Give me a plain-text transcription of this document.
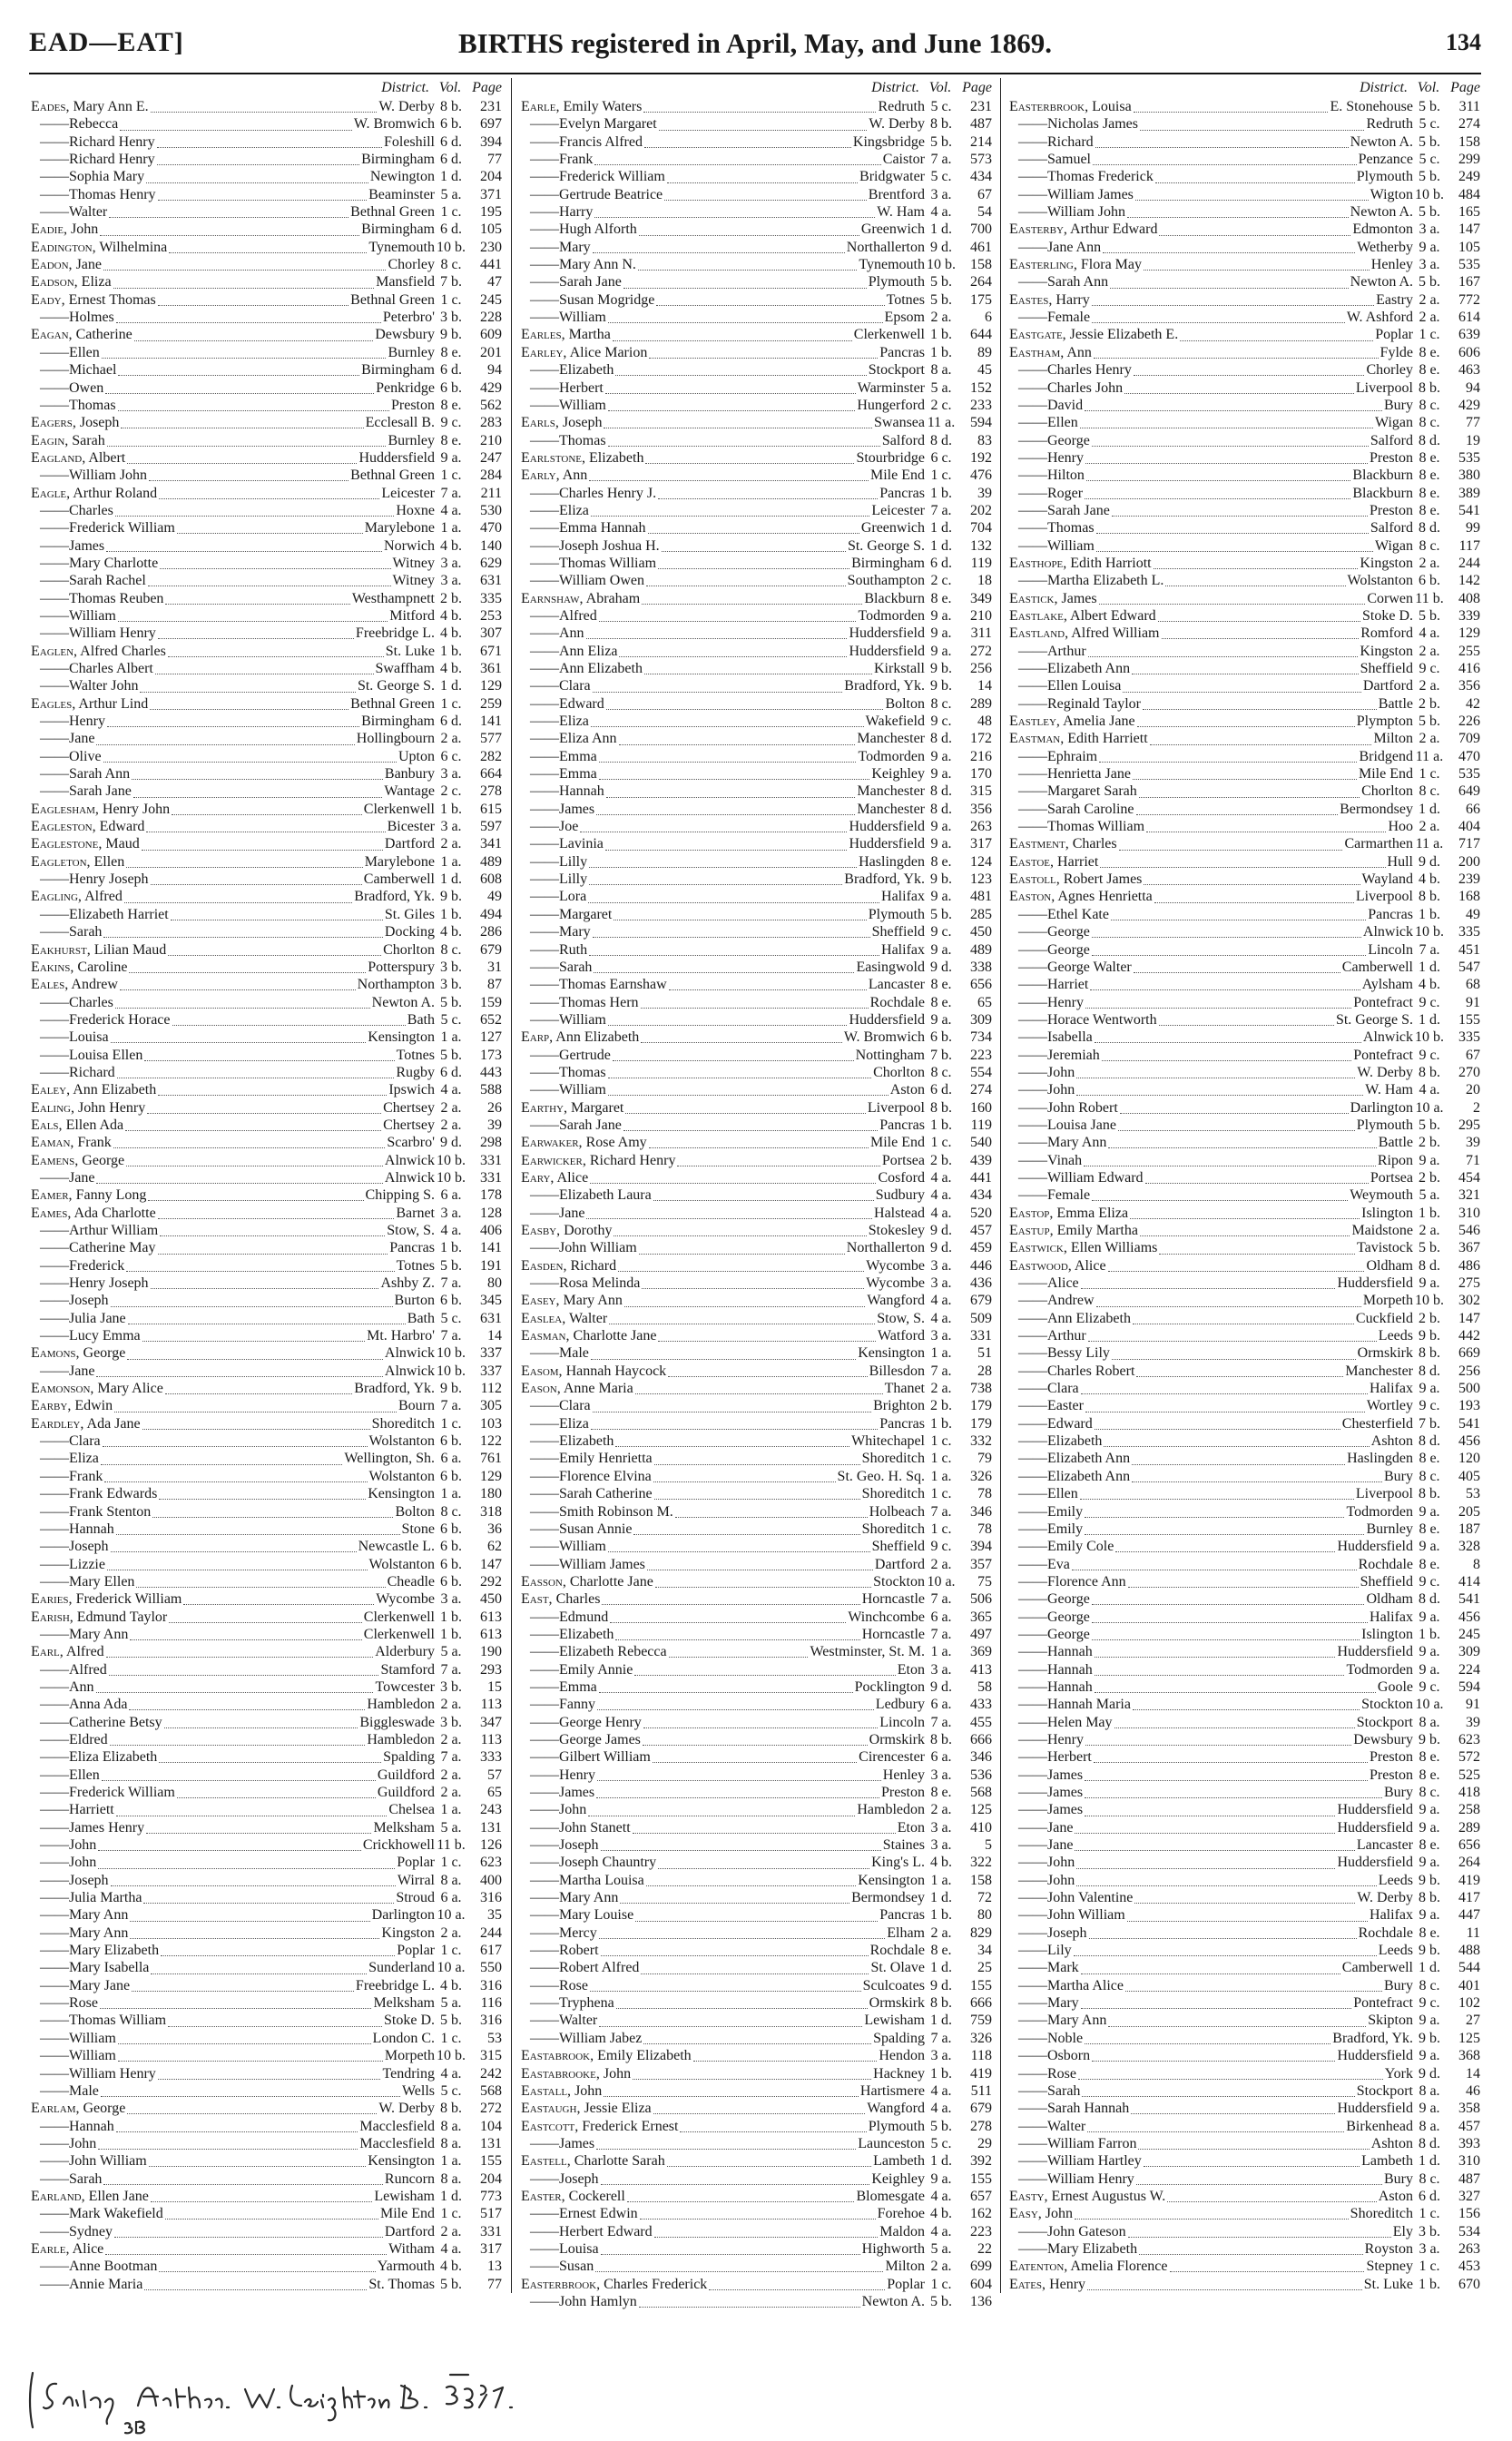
EAD—EAT]	BIRTHS registered in April, May, and June 1869.	134
District. Vol. Page
Eades, Mary Ann E.	W. Derby 8 b.	231
—— Rebecca	W. Bromwich 6 b.	697
—— Richard Henry	Foleshill 6 d.	394
—— Richard Henry	Birmingham 6 d.	77
—— Sophia Mary	Newington 1 d.	204
—— Thomas Henry	Beaminster 5 a.	371
—— Walter	Bethnal Green 1 c.	195
Eadie, John	Birmingham 6 d.	105
Eadington, Wilhelmina	Tynemouth 10 b.	230
Eadon, Jane	Chorley 8 c.	441
Eadson, Eliza	Mansfield 7 b.	47
Eady, Ernest Thomas	Bethnal Green 1 c.	245
—— Holmes	Peterbro' 3 b.	228
Eagan, Catherine	Dewsbury 9 b.	609
—— Ellen	Burnley 8 e.	201
—— Michael	Birmingham 6 d.	94
—— Owen	Penkridge 6 b.	429
—— Thomas	Preston 8 e.	562
Eagers, Joseph	Ecclesall B. 9 c.	283
Eagin, Sarah	Burnley 8 e.	210
Eagland, Albert	Huddersfield 9 a.	247
—— William John	Bethnal Green 1 c.	284
Eagle, Arthur Roland	Leicester 7 a.	211
—— Charles	Hoxne 4 a.	530
—— Frederick William	Marylebone 1 a.	470
—— James	Norwich 4 b.	140
—— Mary Charlotte	Witney 3 a.	629
—— Sarah Rachel	Witney 3 a.	631
—— Thomas Reuben	Westhampnett 2 b.	335
—— William	Mitford 4 b.	253
—— William Henry	Freebridge L. 4 b.	307
Eaglen, Alfred Charles	St. Luke 1 b.	671
—— Charles Albert	Swaffham 4 b.	361
—— Walter John	St. George S. 1 d.	129
Eagles, Arthur Lind	Bethnal Green 1 c.	259
—— Henry	Birmingham 6 d.	141
—— Jane	Hollingbourn 2 a.	577
—— Olive	Upton 6 c.	282
—— Sarah Ann	Banbury 3 a.	664
—— Sarah Jane	Wantage 2 c.	278
Eaglesham, Henry John	Clerkenwell 1 b.	615
Eagleston, Edward	Bicester 3 a.	597
Eaglestone, Maud	Dartford 2 a.	341
Eagleton, Ellen	Marylebone 1 a.	489
—— Henry Joseph	Camberwell 1 d.	608
Eagling, Alfred	Bradford, Yk. 9 b.	49
—— Elizabeth Harriet	St. Giles 1 b.	494
—— Sarah	Docking 4 b.	286
Eakhurst, Lilian Maud	Chorlton 8 c.	679
Eakins, Caroline	Potterspury 3 b.	31
Eales, Andrew	Northampton 3 b.	87
—— Charles	Newton A. 5 b.	159
—— Frederick Horace	Bath 5 c.	652
—— Louisa	Kensington 1 a.	127
—— Louisa Ellen	Totnes 5 b.	173
—— Richard	Rugby 6 d.	443
Ealey, Ann Elizabeth	Ipswich 4 a.	588
Ealing, John Henry	Chertsey 2 a.	26
Eals, Ellen Ada	Chertsey 2 a.	39
Eaman, Frank	Scarbro' 9 d.	298
Eamens, George	Alnwick 10 b.	331
—— Jane	Alnwick 10 b.	331
Eamer, Fanny Long	Chipping S. 6 a.	178
Eames, Ada Charlotte	Barnet 3 a.	128
—— Arthur William	Stow, S. 4 a.	406
—— Catherine May	Pancras 1 b.	141
—— Frederick	Totnes 5 b.	191
—— Henry Joseph	Ashby Z. 7 a.	80
—— Joseph	Burton 6 b.	345
—— Julia Jane	Bath 5 c.	631
—— Lucy Emma	Mt. Harbro' 7 a.	14
Eamons, George	Alnwick 10 b.	337
—— Jane	Alnwick 10 b.	337
Eamonson, Mary Alice	Bradford, Yk. 9 b.	112
Earby, Edwin	Bourn 7 a.	305
Eardley, Ada Jane	Shoreditch 1 c.	103
—— Clara	Wolstanton 6 b.	122
—— Eliza	Wellington, Sh. 6 a.	761
—— Frank	Wolstanton 6 b.	129
—— Frank Edwards	Kensington 1 a.	180
—— Frank Stenton	Bolton 8 c.	318
—— Hannah	Stone 6 b.	36
—— Joseph	Newcastle L. 6 b.	62
—— Lizzie	Wolstanton 6 b.	147
—— Mary Ellen	Cheadle 6 b.	292
Earies, Frederick William	Wycombe 3 a.	450
Earish, Edmund Taylor	Clerkenwell 1 b.	613
—— Mary Ann	Clerkenwell 1 b.	613
Earl, Alfred	Alderbury 5 a.	190
—— Alfred	Stamford 7 a.	293
—— Ann	Towcester 3 b.	15
—— Anna Ada	Hambledon 2 a.	113
—— Catherine Betsy	Biggleswade 3 b.	347
—— Eldred	Hambledon 2 a.	113
—— Eliza Elizabeth	Spalding 7 a.	333
—— Ellen	Guildford 2 a.	57
—— Frederick William	Guildford 2 a.	65
—— Harriett	Chelsea 1 a.	243
—— James Henry	Melksham 5 a.	131
—— John	Crickhowell 11 b.	126
—— John	Poplar 1 c.	623
—— Joseph	Wirral 8 a.	400
—— Julia Martha	Stroud 6 a.	316
—— Mary Ann	Darlington 10 a.	35
—— Mary Ann	Kingston 2 a.	244
—— Mary Elizabeth	Poplar 1 c.	617
—— Mary Isabella	Sunderland 10 a.	550
—— Mary Jane	Freebridge L. 4 b.	316
—— Rose	Melksham 5 a.	116
—— Thomas William	Stoke D. 5 b.	316
—— William	London C. 1 c.	53
—— William	Morpeth 10 b.	315
—— William Henry	Tendring 4 a.	242
—— Male	Wells 5 c.	568
Earlam, George	W. Derby 8 b.	272
—— Hannah	Macclesfield 8 a.	104
—— John	Macclesfield 8 a.	131
—— John William	Kensington 1 a.	155
—— Sarah	Runcorn 8 a.	204
Earland, Ellen Jane	Lewisham 1 d.	773
—— Mark Wakefield	Mile End 1 c.	517
—— Sydney	Dartford 2 a.	331
Earle, Alice	Witham 4 a.	317
—— Anne Bootman	Yarmouth 4 b.	13
—— Annie Maria	St. Thomas 5 b.	77
District. Vol. Page
Earle, Emily Waters	Redruth 5 c.	231
—— Evelyn Margaret	W. Derby 8 b.	487
—— Francis Alfred	Kingsbridge 5 b.	214
—— Frank	Caistor 7 a.	573
—— Frederick William	Bridgwater 5 c.	434
—— Gertrude Beatrice	Brentford 3 a.	67
—— Harry	W. Ham 4 a.	54
—— Hugh Alforth	Greenwich 1 d.	700
—— Mary	Northallerton 9 d.	461
—— Mary Ann N.	Tynemouth 10 b.	158
—— Sarah Jane	Plymouth 5 b.	264
—— Susan Mogridge	Totnes 5 b.	175
—— William	Epsom 2 a.	6
Earles, Martha	Clerkenwell 1 b.	644
Earley, Alice Marion	Pancras 1 b.	89
—— Elizabeth	Stockport 8 a.	45
—— Herbert	Warminster 5 a.	152
—— William	Hungerford 2 c.	233
Earls, Joseph	Swansea 11 a.	594
—— Thomas	Salford 8 d.	83
Earlstone, Elizabeth	Stourbridge 6 c.	192
Early, Ann	Mile End 1 c.	476
—— Charles Henry J.	Pancras 1 b.	39
—— Eliza	Leicester 7 a.	202
—— Emma Hannah	Greenwich 1 d.	704
—— Joseph Joshua H.	St. George S. 1 d.	132
—— Thomas William	Birmingham 6 d.	119
—— William Owen	Southampton 2 c.	18
Earnshaw, Abraham	Blackburn 8 e.	349
—— Alfred	Todmorden 9 a.	210
—— Ann	Huddersfield 9 a.	311
—— Ann Eliza	Huddersfield 9 a.	272
—— Ann Elizabeth	Kirkstall 9 b.	256
—— Clara	Bradford, Yk. 9 b.	14
—— Edward	Bolton 8 c.	289
—— Eliza	Wakefield 9 c.	48
—— Eliza Ann	Manchester 8 d.	172
—— Emma	Todmorden 9 a.	216
—— Emma	Keighley 9 a.	170
—— Hannah	Manchester 8 d.	315
—— James	Manchester 8 d.	356
—— Joe	Huddersfield 9 a.	263
—— Lavinia	Huddersfield 9 a.	317
—— Lilly	Haslingden 8 e.	124
—— Lilly	Bradford, Yk. 9 b.	123
—— Lora	Halifax 9 a.	481
—— Margaret	Plymouth 5 b.	285
—— Mary	Sheffield 9 c.	450
—— Ruth	Halifax 9 a.	489
—— Sarah	Easingwold 9 d.	338
—— Thomas Earnshaw	Lancaster 8 e.	656
—— Thomas Hern	Rochdale 8 e.	65
—— William	Huddersfield 9 a.	309
Earp, Ann Elizabeth	W. Bromwich 6 b.	734
—— Gertrude	Nottingham 7 b.	223
—— Thomas	Chorlton 8 c.	554
—— William	Aston 6 d.	274
Earthy, Margaret	Liverpool 8 b.	160
—— Sarah Jane	Pancras 1 b.	119
Earwaker, Rose Amy	Mile End 1 c.	540
Earwicker, Richard Henry	Portsea 2 b.	439
Eary, Alice	Cosford 4 a.	441
—— Elizabeth Laura	Sudbury 4 a.	434
—— Jane	Halstead 4 a.	520
Easby, Dorothy	Stokesley 9 d.	457
—— John William	Northallerton 9 d.	459
Easden, Richard	Wycombe 3 a.	446
—— Rosa Melinda	Wycombe 3 a.	436
Easey, Mary Ann	Wangford 4 a.	679
Easlea, Walter	Stow, S. 4 a.	509
Easman, Charlotte Jane	Watford 3 a.	331
—— Male	Kensington 1 a.	51
Easom, Hannah Haycock	Billesdon 7 a.	28
Eason, Anne Maria	Thanet 2 a.	738
—— Clara	Brighton 2 b.	179
—— Eliza	Pancras 1 b.	179
—— Elizabeth	Whitechapel 1 c.	332
—— Emily Henrietta	Shoreditch 1 c.	79
—— Florence Elvina	St. Geo. H. Sq. 1 a.	326
—— Sarah Catherine	Shoreditch 1 c.	78
—— Smith Robinson M.	Holbeach 7 a.	346
—— Susan Annie	Shoreditch 1 c.	78
—— William	Sheffield 9 c.	394
—— William James	Dartford 2 a.	357
Easson, Charlotte Jane	Stockton 10 a.	75
East, Charles	Horncastle 7 a.	506
—— Edmund	Winchcombe 6 a.	365
—— Elizabeth	Horncastle 7 a.	497
—— Elizabeth Rebecca	Westminster, St. M. 1 a.	369
—— Emily Annie	Eton 3 a.	413
—— Emma	Pocklington 9 d.	58
—— Fanny	Ledbury 6 a.	433
—— George Henry	Lincoln 7 a.	455
—— George James	Ormskirk 8 b.	666
—— Gilbert William	Cirencester 6 a.	346
—— Henry	Henley 3 a.	536
—— James	Preston 8 e.	568
—— John	Hambledon 2 a.	125
—— John Stanett	Eton 3 a.	410
—— Joseph	Staines 3 a.	5
—— Joseph Chauntry	King's L. 4 b.	322
—— Martha Louisa	Kensington 1 a.	158
—— Mary Ann	Bermondsey 1 d.	72
—— Mary Louise	Pancras 1 b.	80
—— Mercy	Elham 2 a.	829
—— Robert	Rochdale 8 e.	34
—— Robert Alfred	St. Olave 1 d.	25
—— Rose	Sculcoates 9 d.	155
—— Tryphena	Ormskirk 8 b.	666
—— Walter	Lewisham 1 d.	759
—— William Jabez	Spalding 7 a.	326
Eastabrook, Emily Elizabeth	Hendon 3 a.	118
Eastabrooke, John	Hackney 1 b.	419
Eastall, John	Hartismere 4 a.	511
Eastaugh, Jessie Eliza	Wangford 4 a.	679
Eastcott, Frederick Ernest	Plymouth 5 b.	278
—— James	Launceston 5 c.	29
Eastell, Charlotte Sarah	Lambeth 1 d.	392
—— Joseph	Keighley 9 a.	155
Easter, Cockerell	Blomesgate 4 a.	657
—— Ernest Edwin	Forehoe 4 b.	162
—— Herbert Edward	Maldon 4 a.	223
—— Louisa	Highworth 5 a.	22
—— Susan	Milton 2 a.	699
Easterbrook, Charles Frederick	Poplar 1 c.	604
—— John Hamlyn	Newton A. 5 b.	136
District. Vol. Page
Easterbrook, Louisa	E. Stonehouse 5 b.	311
—— Nicholas James	Redruth 5 c.	274
—— Richard	Newton A. 5 b.	158
—— Samuel	Penzance 5 c.	299
—— Thomas Frederick	Plymouth 5 b.	249
—— William James	Wigton 10 b.	484
—— William John	Newton A. 5 b.	165
Easterby, Arthur Edward	Edmonton 3 a.	147
—— Jane Ann	Wetherby 9 a.	105
Easterling, Flora May	Henley 3 a.	535
—— Sarah Ann	Newton A. 5 b.	167
Eastes, Harry	Eastry 2 a.	772
—— Female	W. Ashford 2 a.	614
Eastgate, Jessie Elizabeth E.	Poplar 1 c.	639
Eastham, Ann	Fylde 8 e.	606
—— Charles Henry	Chorley 8 e.	463
—— Charles John	Liverpool 8 b.	94
—— David	Bury 8 c.	429
—— Ellen	Wigan 8 c.	77
—— George	Salford 8 d.	19
—— Henry	Preston 8 e.	535
—— Hilton	Blackburn 8 e.	380
—— Roger	Blackburn 8 e.	389
—— Sarah Jane	Preston 8 e.	541
—— Thomas	Salford 8 d.	99
—— William	Wigan 8 c.	117
Easthope, Edith Harriott	Kingston 2 a.	244
—— Martha Elizabeth L.	Wolstanton 6 b.	142
Eastick, James	Corwen 11 b.	408
Eastlake, Albert Edward	Stoke D. 5 b.	339
Eastland, Alfred William	Romford 4 a.	129
—— Arthur	Kingston 2 a.	255
—— Elizabeth Ann	Sheffield 9 c.	416
—— Ellen Louisa	Dartford 2 a.	356
—— Reginald Taylor	Battle 2 b.	42
Eastley, Amelia Jane	Plympton 5 b.	226
Eastman, Edith Harriett	Milton 2 a.	709
—— Ephraim	Bridgend 11 a.	470
—— Henrietta Jane	Mile End 1 c.	535
—— Margaret Sarah	Chorlton 8 c.	649
—— Sarah Caroline	Bermondsey 1 d.	66
—— Thomas William	Hoo 2 a.	404
Eastment, Charles	Carmarthen 11 a.	717
Eastoe, Harriet	Hull 9 d.	200
Eastoll, Robert James	Wayland 4 b.	239
Easton, Agnes Henrietta	Liverpool 8 b.	168
—— Ethel Kate	Pancras 1 b.	49
—— George	Alnwick 10 b.	335
—— George	Lincoln 7 a.	451
—— George Walter	Camberwell 1 d.	547
—— Harriet	Aylsham 4 b.	68
—— Henry	Pontefract 9 c.	91
—— Horace Wentworth	St. George S. 1 d.	155
—— Isabella	Alnwick 10 b.	335
—— Jeremiah	Pontefract 9 c.	67
—— John	W. Derby 8 b.	270
—— John	W. Ham 4 a.	20
—— John Robert	Darlington 10 a.	2
—— Louisa Jane	Plymouth 5 b.	295
—— Mary Ann	Battle 2 b.	39
—— Vinah	Ripon 9 a.	71
—— William Edward	Portsea 2 b.	454
—— Female	Weymouth 5 a.	321
Eastop, Emma Eliza	Islington 1 b.	310
Eastup, Emily Martha	Maidstone 2 a.	546
Eastwick, Ellen Williams	Tavistock 5 b.	367
Eastwood, Alice	Oldham 8 d.	486
—— Alice	Huddersfield 9 a.	275
—— Andrew	Morpeth 10 b.	302
—— Ann Elizabeth	Cuckfield 2 b.	147
—— Arthur	Leeds 9 b.	442
—— Bessy Lily	Ormskirk 8 b.	669
—— Charles Robert	Manchester 8 d.	256
—— Clara	Halifax 9 a.	500
—— Easter	Wortley 9 c.	193
—— Edward	Chesterfield 7 b.	541
—— Elizabeth	Ashton 8 d.	456
—— Elizabeth Ann	Haslingden 8 e.	120
—— Elizabeth Ann	Bury 8 c.	405
—— Ellen	Liverpool 8 b.	53
—— Emily	Todmorden 9 a.	205
—— Emily	Burnley 8 e.	187
—— Emily Cole	Huddersfield 9 a.	328
—— Eva	Rochdale 8 e.	8
—— Florence Ann	Sheffield 9 c.	414
—— George	Oldham 8 d.	541
—— George	Halifax 9 a.	456
—— George	Islington 1 b.	245
—— Hannah	Huddersfield 9 a.	309
—— Hannah	Todmorden 9 a.	224
—— Hannah	Goole 9 c.	594
—— Hannah Maria	Stockton 10 a.	91
—— Helen May	Stockport 8 a.	39
—— Henry	Dewsbury 9 b.	623
—— Herbert	Preston 8 e.	572
—— James	Preston 8 e.	525
—— James	Bury 8 c.	418
—— James	Huddersfield 9 a.	258
—— Jane	Huddersfield 9 a.	289
—— Jane	Lancaster 8 e.	656
—— John	Huddersfield 9 a.	264
—— John	Leeds 9 b.	419
—— John Valentine	W. Derby 8 b.	417
—— John William	Halifax 9 a.	447
—— Joseph	Rochdale 8 e.	11
—— Lily	Leeds 9 b.	488
—— Mark	Camberwell 1 d.	544
—— Martha Alice	Bury 8 c.	401
—— Mary	Pontefract 9 c.	102
—— Mary Ann	Skipton 9 a.	27
—— Noble	Bradford, Yk. 9 b.	125
—— Osborn	Huddersfield 9 a.	368
—— Rose	York 9 d.	14
—— Sarah	Stockport 8 a.	46
—— Sarah Hannah	Huddersfield 9 a.	358
—— Walter	Birkenhead 8 a.	457
—— William Farron	Ashton 8 d.	393
—— William Hartley	Lambeth 1 d.	310
—— William Henry	Bury 8 c.	487
Easty, Ernest Augustus W.	Aston 6 d.	327
Easy, John	Shoreditch 1 c.	156
—— John Gateson	Ely 3 b.	534
—— Mary Elizabeth	Royston 3 a.	263
Eatenton, Amelia Florence	Stepney 1 c.	453
Eates, Henry	St. Luke 1 b.	670
